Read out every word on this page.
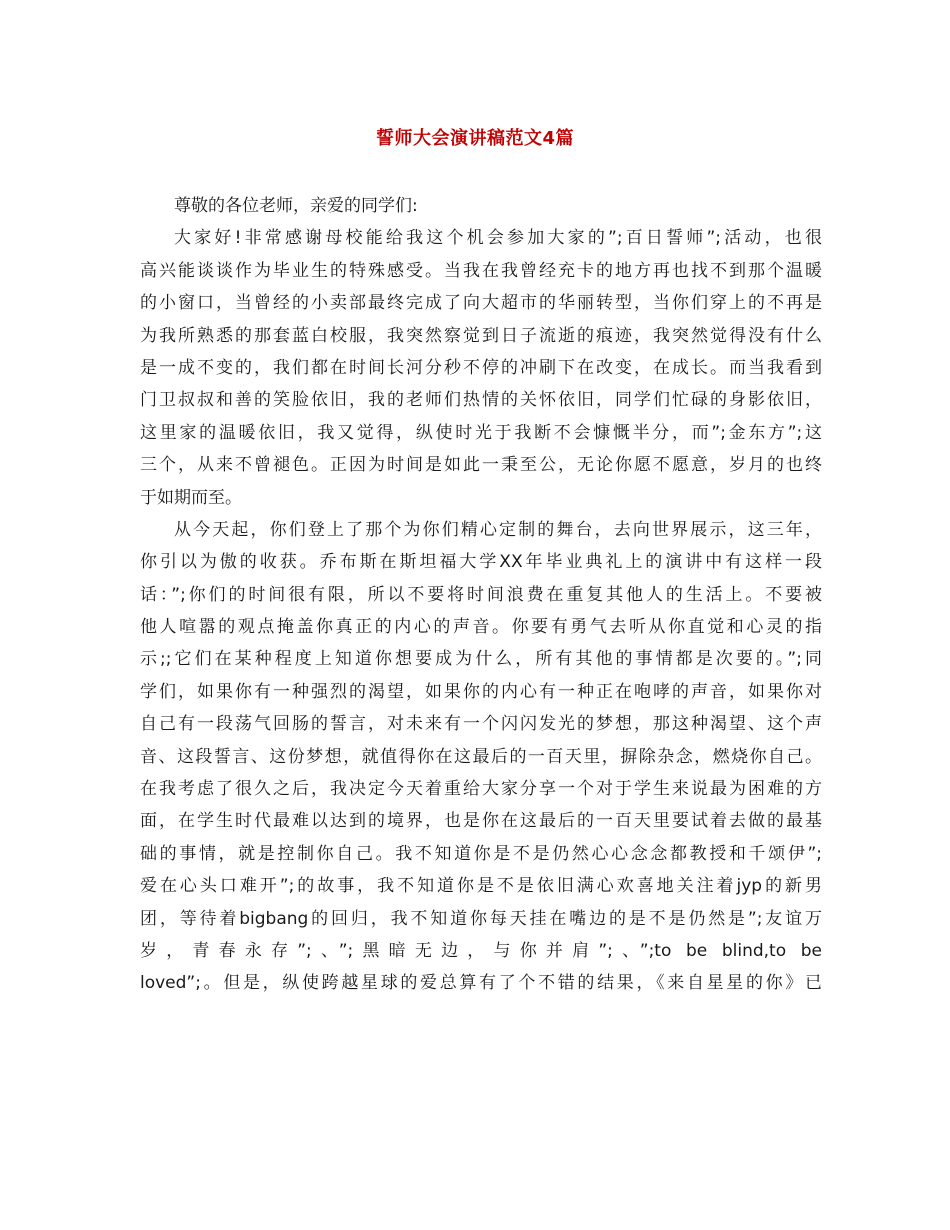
誓师大会演讲稿范文4篇
尊敬的各位老师，亲爱的同学们:
大家好!非常感谢母校能给我这个机会参加大家的”;百日誓师”;活动，也很
高兴能谈谈作为毕业生的特殊感受。当我在我曾经充卡的地方再也找不到那个温暖
的小窗口，当曾经的小卖部最终完成了向大超市的华丽转型，当你们穿上的不再是
为我所熟悉的那套蓝白校服，我突然察觉到日子流逝的痕迹，我突然觉得没有什么
是一成不变的，我们都在时间长河分秒不停的冲刷下在改变，在成长。而当我看到
门卫叔叔和善的笑脸依旧，我的老师们热情的关怀依旧，同学们忙碌的身影依旧，
这里家的温暖依旧，我又觉得，纵使时光于我断不会慷慨半分，而”;金东方”;这
三个，从来不曾褪色。正因为时间是如此一秉至公，无论你愿不愿意，岁月的也终
于如期而至。
从今天起，你们登上了那个为你们精心定制的舞台，去向世界展示，这三年，
你引以为傲的收获。乔布斯在斯坦福大学XX年毕业典礼上的演讲中有这样一段
话：”;你们的时间很有限，所以不要将时间浪费在重复其他人的生活上。不要被
他人喧嚣的观点掩盖你真正的内心的声音。你要有勇气去听从你直觉和心灵的指
示;;它们在某种程度上知道你想要成为什么，所有其他的事情都是次要的。”;同
学们，如果你有一种强烈的渴望，如果你的内心有一种正在咆哮的声音，如果你对
自己有一段荡气回肠的誓言，对未来有一个闪闪发光的梦想，那这种渴望、这个声
音、这段誓言、这份梦想，就值得你在这最后的一百天里，摒除杂念，燃烧你自己。
在我考虑了很久之后，我决定今天着重给大家分享一个对于学生来说最为困难的方
面，在学生时代最难以达到的境界，也是你在这最后的一百天里要试着去做的最基
础的事情，就是控制你自己。我不知道你是不是仍然心心念念都教授和千颂伊”;
爱在心头口难开”;的故事，我不知道你是不是依旧满心欢喜地关注着jyp的新男
团，等待着bigbang的回归，我不知道你每天挂在嘴边的是不是仍然是”;友谊万
岁，青春永存”;、”;黑暗无边，与你并肩”;、”;to be blind,to be
loved”;。但是，纵使跨越星球的爱总算有了个不错的结果，《来自星星的你》已
